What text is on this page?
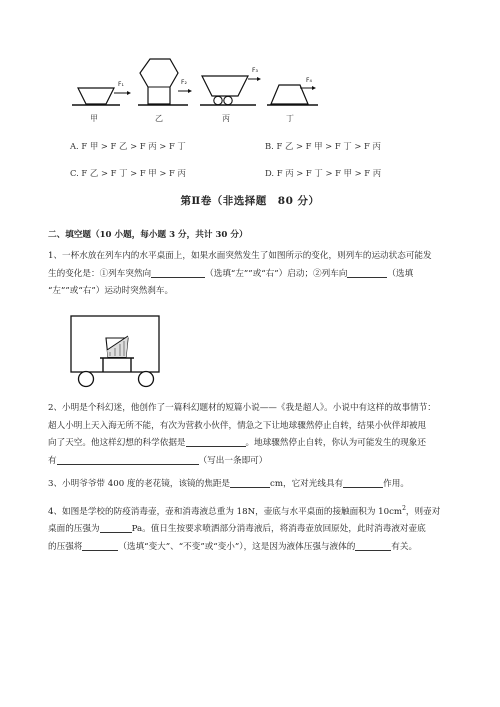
F₁	F₂
F₃
F₄
甲	乙	丙	丁
A. F 甲 > F 乙 > F 丙 > F 丁	B. F 乙 > F 甲 > F 丁 > F 丙
C. F 乙 > F 丁 > F 甲 > F 丙	D. F 丙 > F 丁 > F 甲 > F 丙
第Ⅱ卷（非选择题　80 分）
二、填空题（10 小题，每小题 3 分，共计 30 分）

1、一杯水放在列车内的水平桌面上，如果水面突然发生了如图所示的变化，则列车的运动状态可能发

生的变化是：①列车突然向	（选填“左””或“右”）启动；②列车向	（选填

“左””或“右”）运动时突然刹车。

2、小明是个科幻迷，他创作了一篇科幻题材的短篇小说——《我是超人》。小说中有这样的故事情节：

超人小明上天入海无所不能，有次为营救小伙伴，情急之下让地球骤然停止自转，结果小伙伴却被甩

向了天空。他这样幻想的科学依据是	。地球骤然停止自转，你认为可能发生的现象还

有	（写出一条即可）

3、小明爷爷带 400 度的老花镜，该镜的焦距是	cm，它对光线具有	作用。

4、如图是学校的防疫消毒壶，壶和消毒液总重为 18N，壶底与水平桌面的接触面积为 $10cm^2$，则壶对

桌面的压强为	Pa。值日生按要求喷洒部分消毒液后，将消毒壶放回原处，此时消毒液对壶底

的压强将	（选填“变大”、“不变”或“变小”），这是因为液体压强与液体的	有关。
